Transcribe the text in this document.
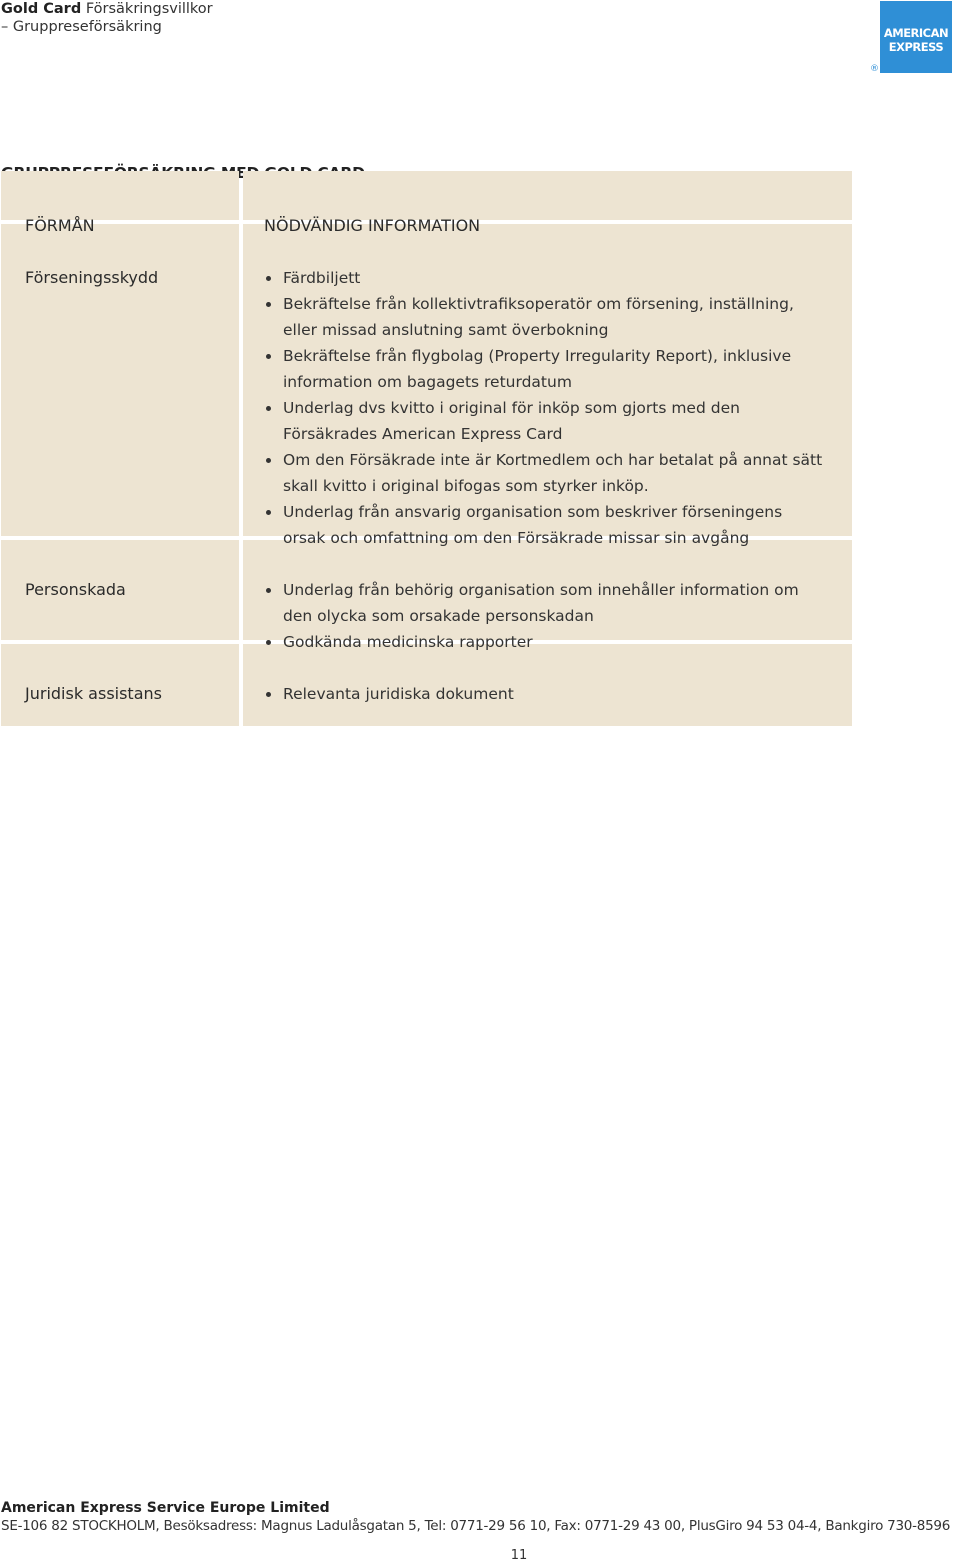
Gold Card Försäkringsvillkor
– Gruppreseförsäkring	AMERICAN
EXPRESS
®
MED
FÖRMÅN	NÖDVÄNDIG INFORMATION
Förseningsskydd	Färdbiljett
Bekräftelse från kollektivtrafiksoperatör om försening, inställning, eller missad anslutning samt överbokning
Bekräftelse från flygbolag (Property Irregularity Report), inklusive information om bagagets returdatum
Underlag dvs kvitto i original för inköp som gjorts med den Försäkrades American Express Card
Om den Försäkrade inte är Kortmedlem och har betalat på annat sätt skall kvitto i original bifogas som styrker inköp.
Underlag från ansvarig organisation som beskriver förseningens orsak och omfattning om den Försäkrade missar sin avgång
Personskada	Underlag från behörig organisation som innehåller information om den olycka som orsakade personskadan
Godkända medicinska rapporter
Juridisk assistans	Relevanta juridiska dokument
American Express Service Europe Limited
SE-106 82 STOCKHOLM, Besöksadress: Magnus Ladulåsgatan 5, Tel: 0771-29 56 10, Fax: 0771-29 43 00, PlusGiro 94 53 04-4, Bankgiro 730-8596
11
